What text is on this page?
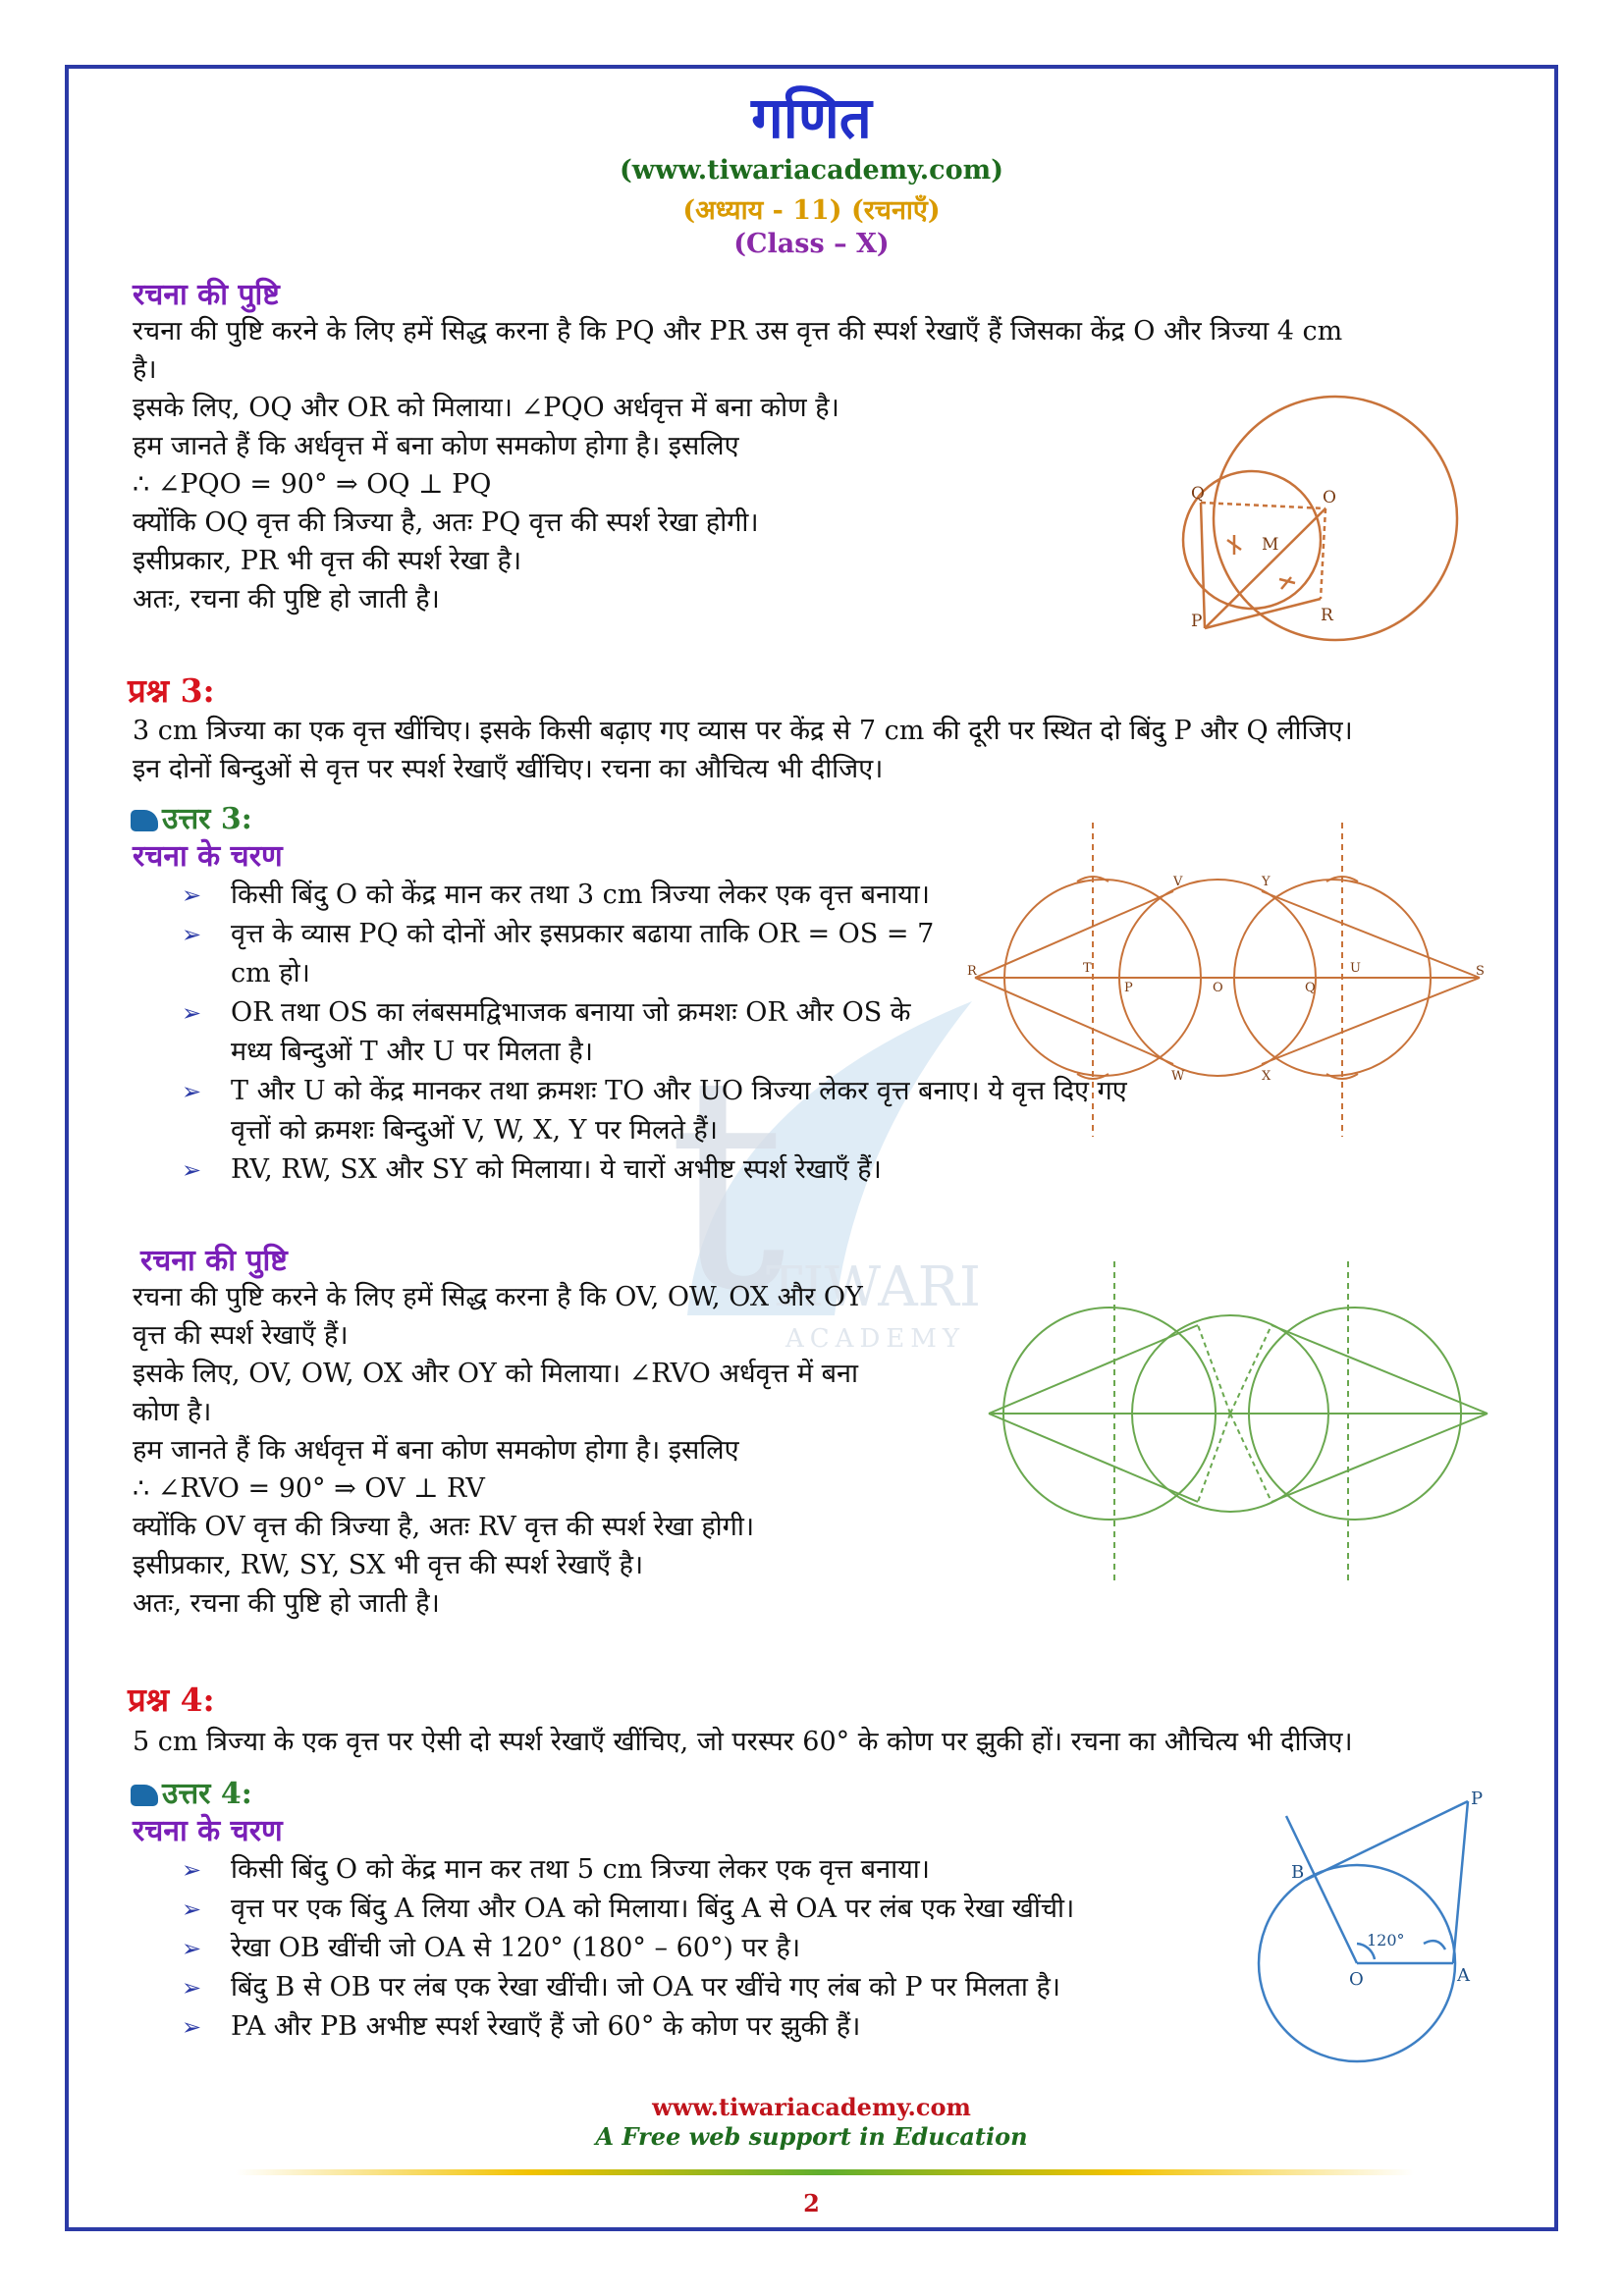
t
TIWARI
ACADEMY
गणित
(www.tiwariacademy.com)
(अध्याय - 11) (रचनाएँ)
(Class – X)
रचना की पुष्टि
रचना की पुष्टि करने के लिए हमें सिद्ध करना है कि PQ और PR उस वृत्त की स्पर्श रेखाएँ हैं जिसका केंद्र O और त्रिज्या 4 cm
है।
इसके लिए, OQ और OR को मिलाया। ∠PQO अर्धवृत्त में बना कोण है।
हम जानते हैं कि अर्धवृत्त में बना कोण समकोण होगा है। इसलिए
∴ ∠PQO = 90° ⇒ OQ ⊥ PQ
क्योंकि OQ वृत्त की त्रिज्या है, अतः PQ वृत्त की स्पर्श रेखा होगी।
इसीप्रकार, PR भी वृत्त की स्पर्श रेखा है।
अतः, रचना की पुष्टि हो जाती है।
Q	O
M
P	R
प्रश्न 3:
3 cm त्रिज्या का एक वृत्त खींचिए। इसके किसी बढ़ाए गए व्यास पर केंद्र से 7 cm की दूरी पर स्थित दो बिंदु P और Q लीजिए।
इन दोनों बिन्दुओं से वृत्त पर स्पर्श रेखाएँ खींचिए। रचना का औचित्य भी दीजिए।
उत्तर 3:
रचना के चरण
➢ किसी बिंदु O को केंद्र मान कर तथा 3 cm त्रिज्या लेकर एक वृत्त बनाया।
➢ वृत्त के व्यास PQ को दोनों ओर इसप्रकार बढाया ताकि OR = OS = 7 cm हो।
➢ OR तथा OS का लंबसमद्विभाजक बनाया जो क्रमशः OR और OS के मध्य बिन्दुओं T और U पर मिलता है।
➢ T और U को केंद्र मानकर तथा क्रमशः TO और UO त्रिज्या लेकर वृत्त बनाए। ये वृत्त दिए गए वृत्तों को क्रमशः बिन्दुओं V, W, X, Y पर मिलते हैं।
➢ RV, RW, SX और SY को मिलाया। ये चारों अभीष्ट स्पर्श रेखाएँ हैं।
R	T
P	O	Q
U	S
V
W	X
Y
रचना की पुष्टि
रचना की पुष्टि करने के लिए हमें सिद्ध करना है कि OV, OW, OX और OY
वृत्त की स्पर्श रेखाएँ हैं।
इसके लिए, OV, OW, OX और OY को मिलाया। ∠RVO अर्धवृत्त में बना
कोण है।
हम जानते हैं कि अर्धवृत्त में बना कोण समकोण होगा है। इसलिए
∴ ∠RVO = 90° ⇒ OV ⊥ RV
क्योंकि OV वृत्त की त्रिज्या है, अतः RV वृत्त की स्पर्श रेखा होगी।
इसीप्रकार, RW, SY, SX भी वृत्त की स्पर्श रेखाएँ है।
अतः, रचना की पुष्टि हो जाती है।
प्रश्न 4:
5 cm त्रिज्या के एक वृत्त पर ऐसी दो स्पर्श रेखाएँ खींचिए, जो परस्पर 60° के कोण पर झुकी हों। रचना का औचित्य भी दीजिए।
उत्तर 4:
रचना के चरण
➢ किसी बिंदु O को केंद्र मान कर तथा 5 cm त्रिज्या लेकर एक वृत्त बनाया।
➢ वृत्त पर एक बिंदु A लिया और OA को मिलाया। बिंदु A से OA पर लंब एक रेखा खींची।
➢ रेखा OB खींची जो OA से 120° (180° – 60°) पर है।
➢ बिंदु B से OB पर लंब एक रेखा खींची। जो OA पर खींचे गए लंब को P पर मिलता है।
➢ PA और PB अभीष्ट स्पर्श रेखाएँ हैं जो 60° के कोण पर झुकी हैं।
P
B
120°
O	A
www.tiwariacademy.com
A Free web support in Education
2
